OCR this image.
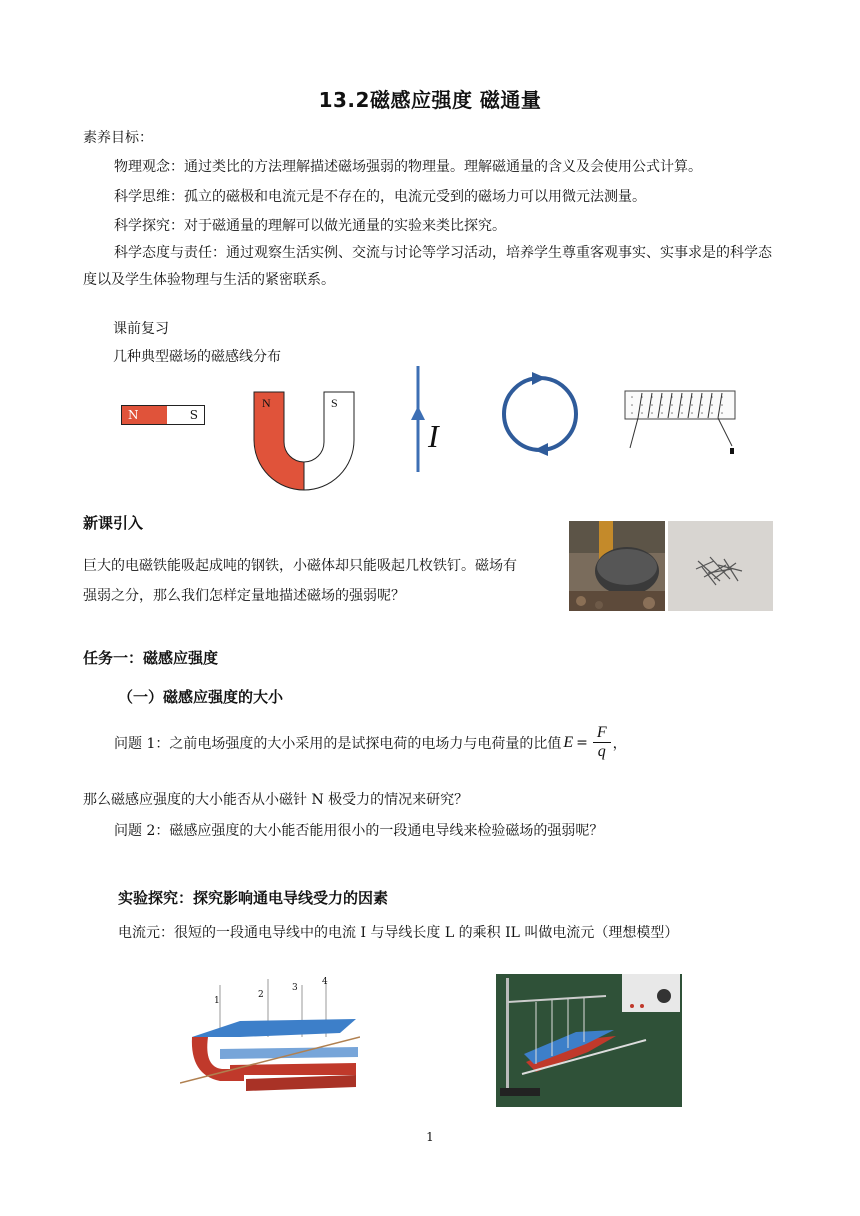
13.2磁感应强度 磁通量
素养目标：
物理观念：通过类比的方法理解描述磁场强弱的物理量。理解磁通量的含义及会使用公式计算。
科学思维：孤立的磁极和电流元是不存在的，电流元受到的磁场力可以用微元法测量。
科学探究：对于磁通量的理解可以做光通量的实验来类比探究。
科学态度与责任：通过观察生活实例、交流与讨论等学习活动，培养学生尊重客观事实、实事求是的科学态度以及学生体验物理与生活的紧密联系。
课前复习
几种典型磁场的磁感线分布
N	S
N	S
I
新课引入
巨大的电磁铁能吸起成吨的钢铁，小磁体却只能吸起几枚铁钉。磁场有
强弱之分，那么我们怎样定量地描述磁场的强弱呢？
任务一：磁感应强度
（一）磁感应强度的大小
问题 1：之前电场强度的大小采用的是试探电荷的电场力与电荷量的比值 $E = \frac{F}{q}$ ，
那么磁感应强度的大小能否从小磁针 N 极受力的情况来研究？
问题 2：磁感应强度的大小能否能用很小的一段通电导线来检验磁场的强弱呢？
实验探究：探究影响通电导线受力的因素
电流元：很短的一段通电导线中的电流 I 与导线长度 L 的乘积 IL 叫做电流元（理想模型）
1
2
3
4
1
